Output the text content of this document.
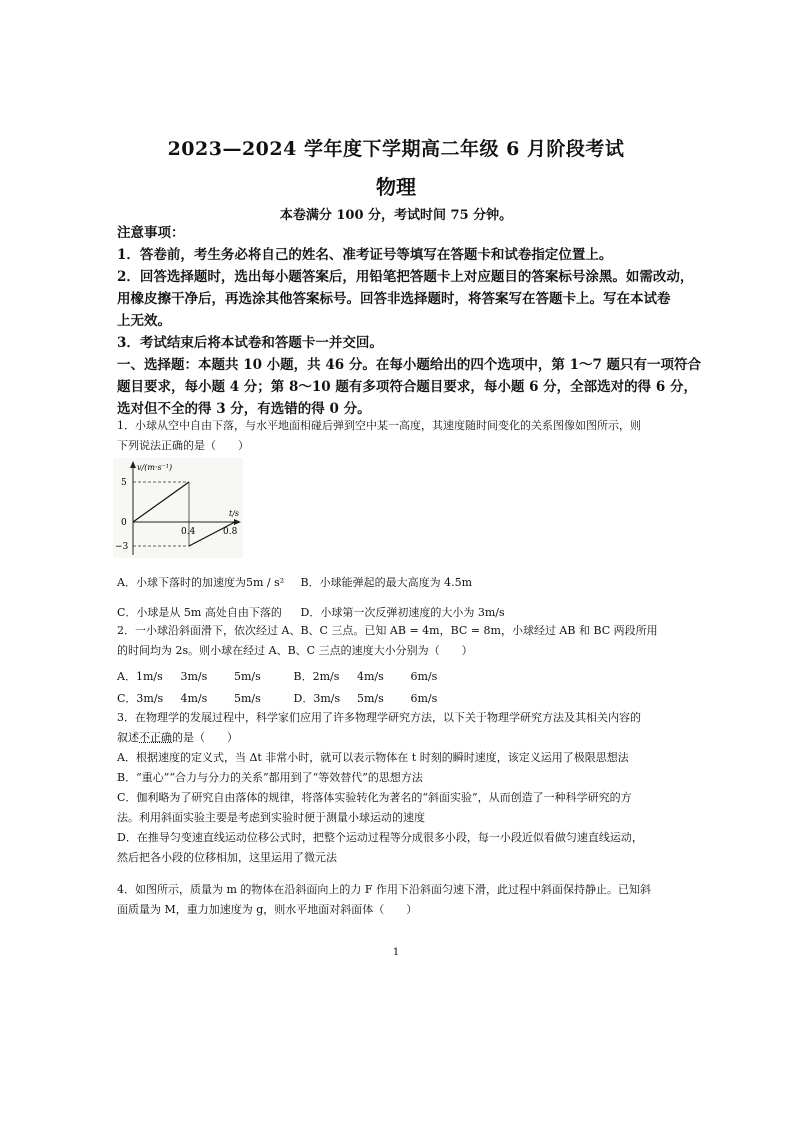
2023—2024 学年度下学期高二年级 6 月阶段考试
物理
本卷满分 100 分，考试时间 75 分钟。
注意事项：
1．答卷前，考生务必将自己的姓名、准考证号等填写在答题卡和试卷指定位置上。
2．回答选择题时，选出每小题答案后，用铅笔把答题卡上对应题目的答案标号涂黑。如需改动，
用橡皮擦干净后，再选涂其他答案标号。回答非选择题时，将答案写在答题卡上。写在本试卷
上无效。
3．考试结束后将本试卷和答题卡一并交回。
一、选择题：本题共 10 小题，共 46 分。在每小题给出的四个选项中，第 1～7 题只有一项符合
题目要求，每小题 4 分；第 8～10 题有多项符合题目要求，每小题 6 分，全部选对的得 6 分，
选对但不全的得 3 分，有选错的得 0 分。
1．小球从空中自由下落，与水平地面相碰后弹到空中某一高度，其速度随时间变化的关系图像如图所示，则
下列说法正确的是（　　）
v/(m·s⁻¹)
t/s
5
0
−3
0.4	0.8
A．小球下落时的加速度为5m / s² B．小球能弹起的最大高度为 4.5m
C．小球是从 5m 高处自由下落的 D．小球第一次反弹初速度的大小为 3m/s
2．一小球沿斜面滑下，依次经过 A、B、C 三点。已知 AB = 4m，BC = 8m，小球经过 AB 和 BC 两段所用
的时间均为 2s。则小球在经过 A、B、C 三点的速度大小分别为（　　）
A．1m/s 3m/s 5m/s	B．2m/s 4m/s 6m/s
C．3m/s 4m/s 5m/s	D．3m/s 5m/s 6m/s
3．在物理学的发展过程中，科学家们应用了许多物理学研究方法，以下关于物理学研究方法及其相关内容的
叙述不正确的是（　　）
A．根据速度的定义式，当 Δt 非常小时，就可以表示物体在 t 时刻的瞬时速度，该定义运用了极限思想法
B．“重心”“合力与分力的关系”都用到了“等效替代”的思想方法
C．伽利略为了研究自由落体的规律，将落体实验转化为著名的“斜面实验”，从而创造了一种科学研究的方
法。利用斜面实验主要是考虑到实验时便于测量小球运动的速度
D．在推导匀变速直线运动位移公式时，把整个运动过程等分成很多小段，每一小段近似看做匀速直线运动，
然后把各小段的位移相加，这里运用了微元法
4．如图所示，质量为 m 的物体在沿斜面向上的力 F 作用下沿斜面匀速下滑，此过程中斜面保持静止。已知斜
面质量为 M，重力加速度为 g，则水平地面对斜面体（　　）
1
